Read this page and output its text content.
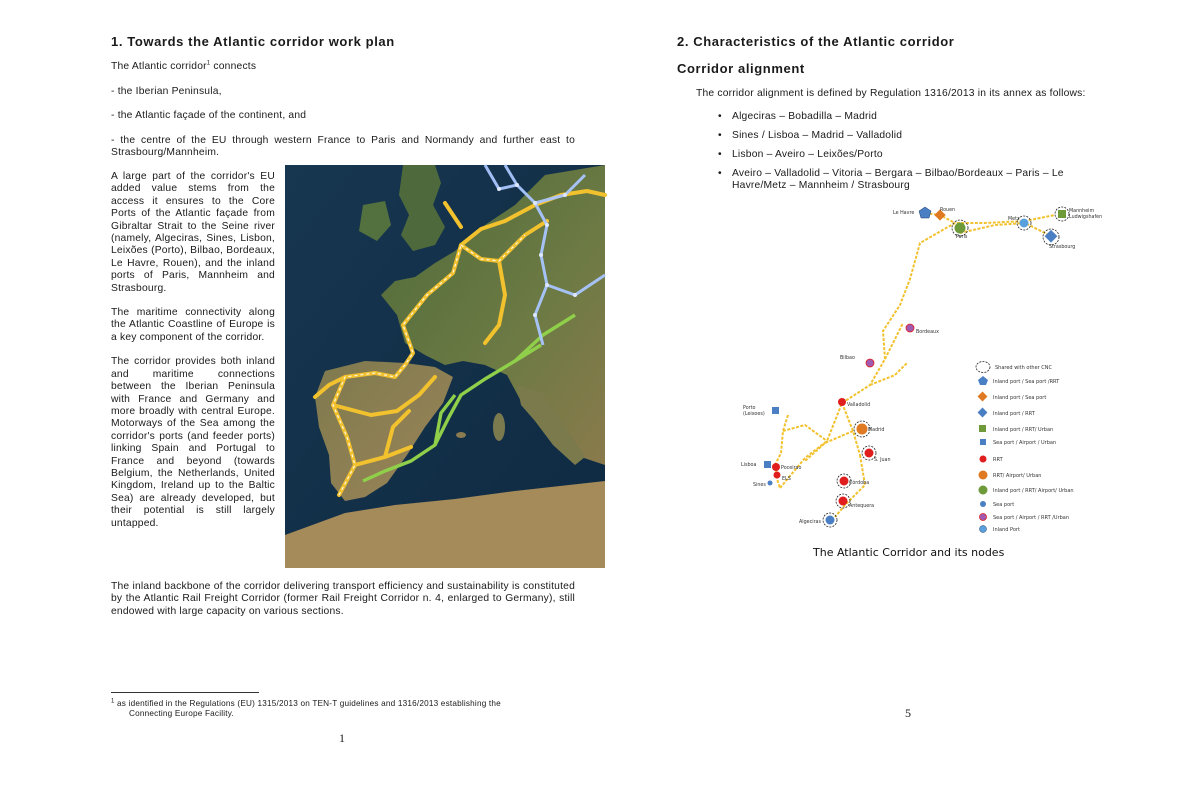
1. Towards the Atlantic corridor work plan

The Atlantic corridor$^1$ connects

- the Iberian Peninsula,

- the Atlantic façade of the continent, and

- the centre of the EU through western France to Paris and Normandy and further east to Strasbourg/Mannheim.

A large part of the corridor's EU added value stems from the access it ensures to the Core Ports of the Atlantic façade from Gibraltar Strait to the Seine river (namely, Algeciras, Sines, Lisbon, Leixões (Porto), Bilbao, Bordeaux, Le Havre, Rouen), and the inland ports of Paris, Mannheim and Strasbourg.

The maritime connectivity along the Atlantic Coastline of Europe is a key component of the corridor.

The corridor provides both inland and maritime connections between the Iberian Peninsula with France and Germany and more broadly with central Europe. Motorways of the Sea among the corridor's ports (and feeder ports) linking Spain and Portugal to France and beyond (towards Belgium, the Netherlands, United Kingdom, Ireland up to the Baltic Sea) are already developed, but their potential is still largely untapped.

The inland backbone of the corridor delivering transport efficiency and sustainability is constituted by the Atlantic Rail Freight Corridor (former Rail Freight Corridor n. 4, enlarged to Germany), still endowed with large capacity on various sections.

$^1$ as identified in the Regulations (EU) 1315/2013 on TEN-T guidelines and 1316/2013 establishing the
Connecting Europe Facility.
1
2. Characteristics of the Atlantic corridor
Corridor alignment

The corridor alignment is defined by Regulation 1316/2013 in its annex as follows:

• Algeciras – Bobadilla – Madrid
• Sines / Lisboa – Madrid – Valladolid
• Lisbon – Aveiro – Leixões/Porto
• Aveiro – Valladolid – Vitoria – Bergara – Bilbao/Bordeaux – Paris – Le Havre/Metz – Mannheim / Strasbourg
Le Havre
Rouen
Paris
Metz
Mannheim
Ludwigshafen
Strasbourg
Bordeaux
Bilbao
Valladolid
Porto
(Leixoes)
Madrid
S. Juan
Lisboa
Poceirao
Sines
ELS
Córdoba
Antequera
Algeciras
Shared with other CNC
Inland port / Sea port /RRT
Inland port / Sea port
Inland port / RRT
Inland port / RRT/ Urban
Sea port / Airport / Urban
RRT
RRT/ Airport/ Urban
Inland port / RRT/ Airport/ Urban
Sea port
Sea port / Airport / RRT /Urban
Inland Port
The Atlantic Corridor and its nodes
5
